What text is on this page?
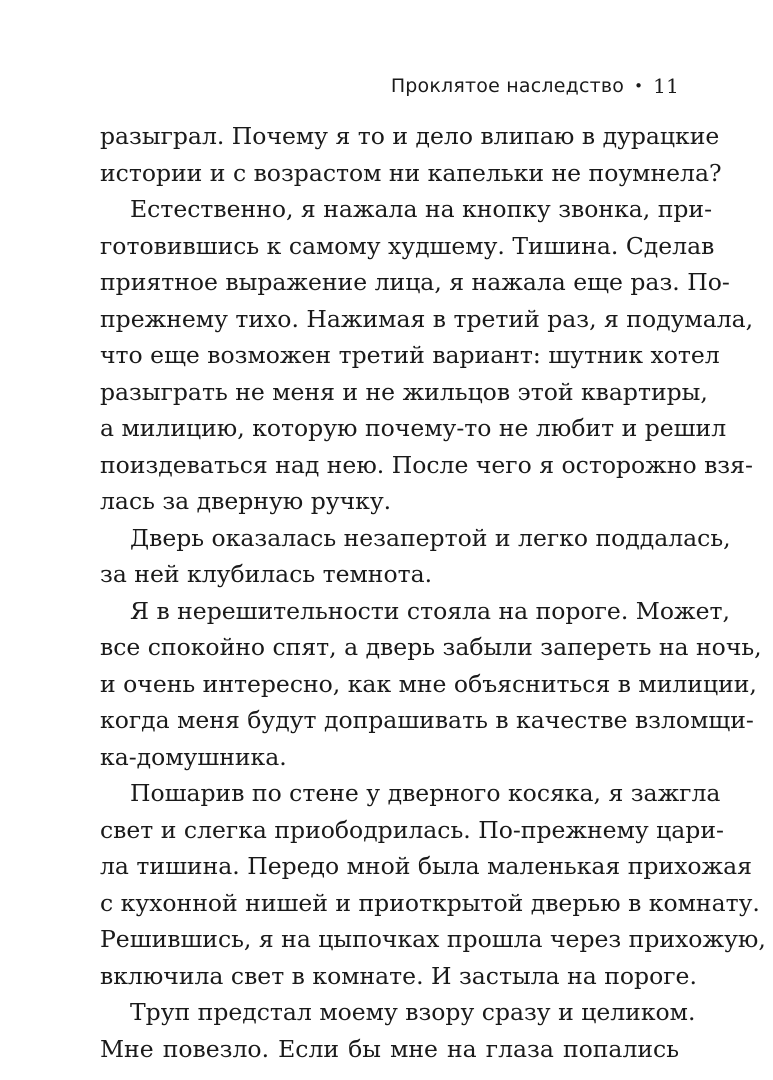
Проклятое наследство • 11
разыграл. Почему я то и дело влипаю в дурацкие
истории и с возрастом ни капельки не поумнела?
Естественно, я нажала на кнопку звонка, при-
готовившись к самому худшему. Тишина. Сделав
приятное выражение лица, я нажала еще раз. По-
прежнему тихо. Нажимая в третий раз, я подумала,
что еще возможен третий вариант: шутник хотел
разыграть не меня и не жильцов этой квартиры,
а милицию, которую почему-то не любит и решил
поиздеваться над нею. После чего я осторожно взя-
лась за дверную ручку.
Дверь оказалась незапертой и легко поддалась,
за ней клубилась темнота.
Я в нерешительности стояла на пороге. Может,
все спокойно спят, а дверь забыли запереть на ночь,
и очень интересно, как мне объясниться в милиции,
когда меня будут допрашивать в качестве взломщи-
ка-домушника.
Пошарив по стене у дверного косяка, я зажгла
свет и слегка приободрилась. По-прежнему цари-
ла тишина. Передо мной была маленькая прихожая
с кухонной нишей и приоткрытой дверью в комнату.
Решившись, я на цыпочках прошла через прихожую,
включила свет в комнате. И застыла на пороге.
Труп предстал моему взору сразу и целиком.
Мне повезло. Если бы мне на глаза попались
